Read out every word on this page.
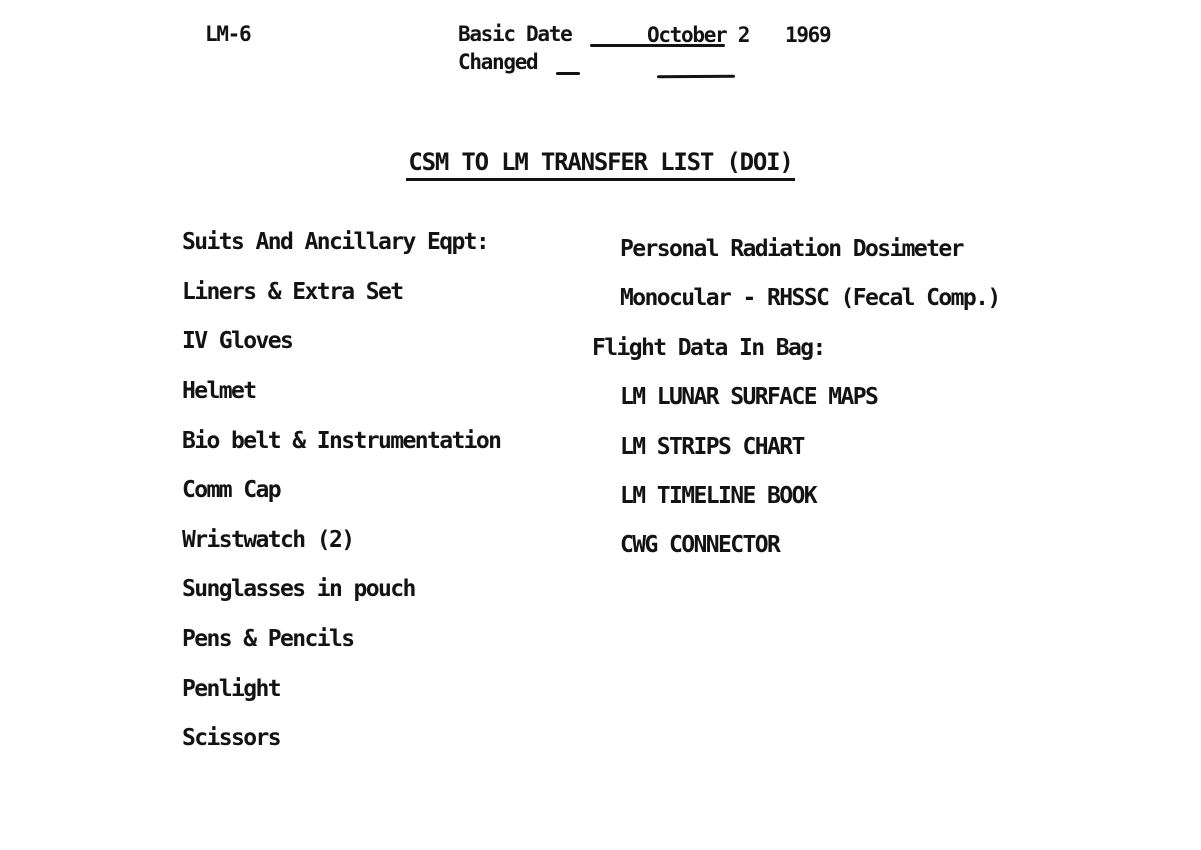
LM-6	Basic Date	October 2 1969
Changed
CSM TO LM TRANSFER LIST (DOI)
Suits And Ancillary Eqpt:
Liners & Extra Set
IV Gloves
Helmet
Bio belt & Instrumentation
Comm Cap
Wristwatch (2)
Sunglasses in pouch
Pens & Pencils
Penlight
Scissors
Personal Radiation Dosimeter
Monocular - RHSSC (Fecal Comp.)
Flight Data In Bag:
LM LUNAR SURFACE MAPS
LM STRIPS CHART
LM TIMELINE BOOK
CWG CONNECTOR
